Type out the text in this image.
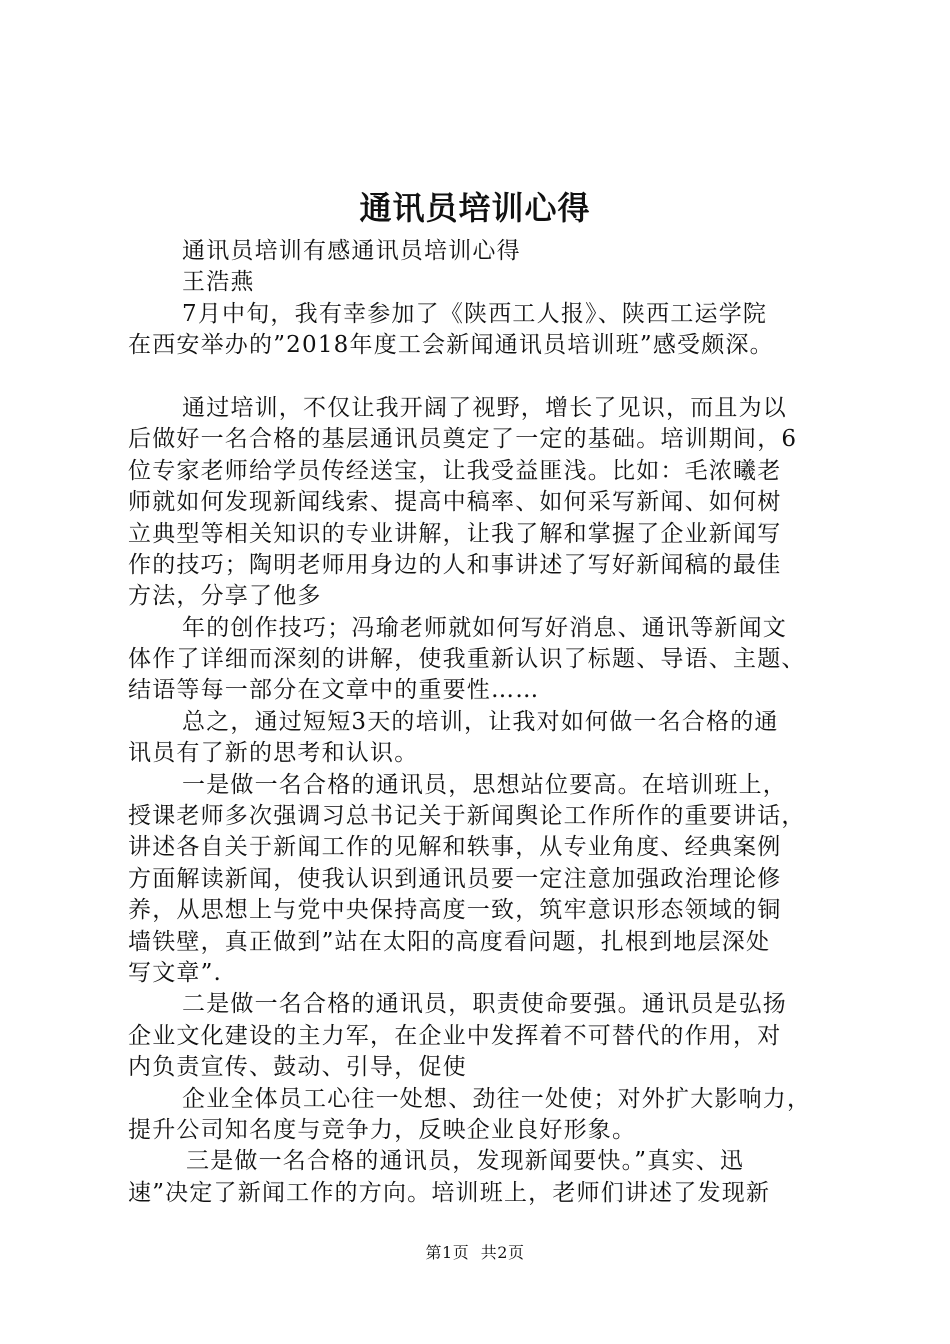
通讯员培训心得
通讯员培训有感通讯员培训心得
王浩燕
7月中旬，我有幸参加了《陕西工人报》、陕西工运学院
在西安举办的”2018年度工会新闻通讯员培训班”感受颇深。
通过培训，不仅让我开阔了视野，增长了见识，而且为以
后做好一名合格的基层通讯员奠定了一定的基础。培训期间，6
位专家老师给学员传经送宝，让我受益匪浅。比如：毛浓曦老
师就如何发现新闻线索、提高中稿率、如何采写新闻、如何树
立典型等相关知识的专业讲解，让我了解和掌握了企业新闻写
作的技巧；陶明老师用身边的人和事讲述了写好新闻稿的最佳
方法，分享了他多
年的创作技巧；冯瑜老师就如何写好消息、通讯等新闻文
体作了详细而深刻的讲解，使我重新认识了标题、导语、主题、
结语等每一部分在文章中的重要性……
总之，通过短短3天的培训，让我对如何做一名合格的通
讯员有了新的思考和认识。
一是做一名合格的通讯员，思想站位要高。在培训班上，
授课老师多次强调习总书记关于新闻舆论工作所作的重要讲话，
讲述各自关于新闻工作的见解和轶事，从专业角度、经典案例
方面解读新闻，使我认识到通讯员要一定注意加强政治理论修
养，从思想上与党中央保持高度一致，筑牢意识形态领域的铜
墙铁壁，真正做到”站在太阳的高度看问题，扎根到地层深处
写文章”.
二是做一名合格的通讯员，职责使命要强。通讯员是弘扬
企业文化建设的主力军，在企业中发挥着不可替代的作用，对
内负责宣传、鼓动、引导，促使
企业全体员工心往一处想、劲往一处使；对外扩大影响力，
提升公司知名度与竞争力，反映企业良好形象。
三是做一名合格的通讯员，发现新闻要快。”真实、迅
速”决定了新闻工作的方向。培训班上，老师们讲述了发现新
第1页 共2页
